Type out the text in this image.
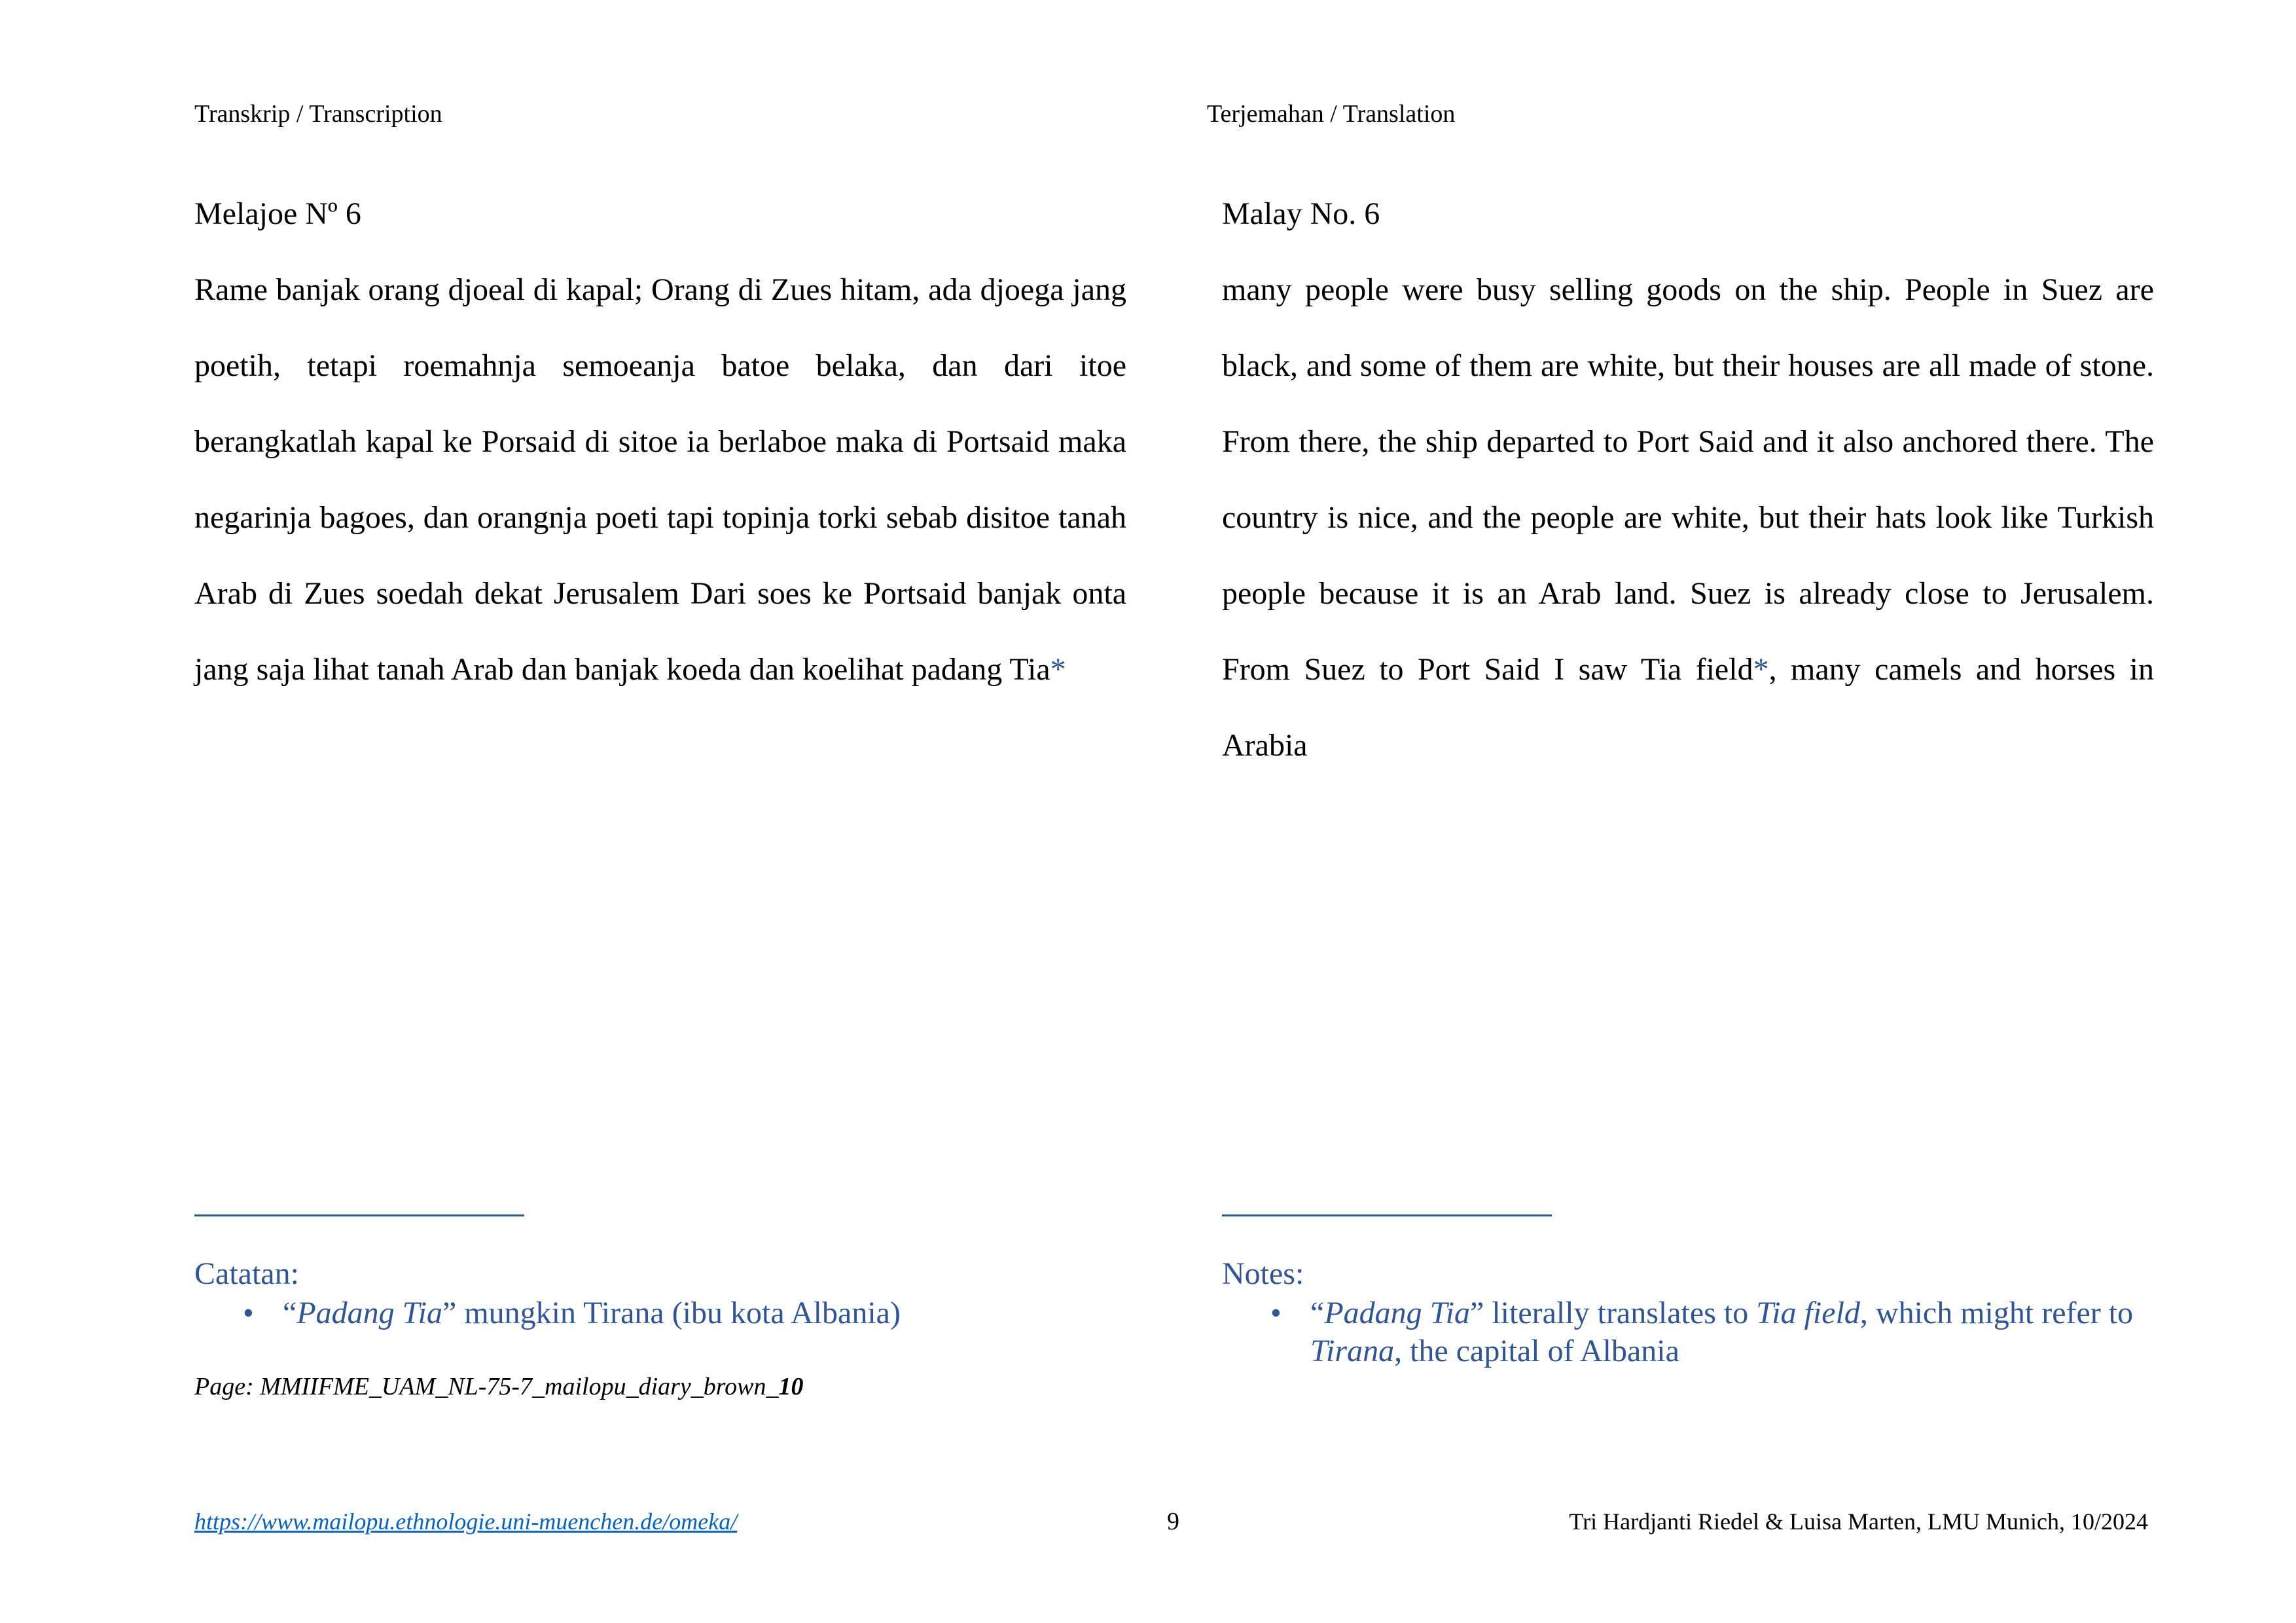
Transkrip / Transcription
Melajoe Nº 6

Rame banjak orang djoeal di kapal; Orang di Zues hitam, ada djoega jang poetih, tetapi roemahnja semoeanja batoe belaka, dan dari itoe berangkatlah kapal ke Porsaid di sitoe ia berlaboe maka di Portsaid maka negarinja bagoes, dan orangnja poeti tapi topinja torki sebab disitoe tanah Arab di Zues soedah dekat Jerusalem Dari soes ke Portsaid banjak onta jang saja lihat tanah Arab dan banjak koeda dan koelihat padang Tia*

Catatan:
• “Padang Tia” mungkin Tirana (ibu kota Albania)
Page: MMIIFME_UAM_NL-75-7_mailopu_diary_brown_10
Terjemahan / Translation
Malay No. 6

many people were busy selling goods on the ship. People in Suez are black, and some of them are white, but their houses are all made of stone. From there, the ship departed to Port Said and it also anchored there. The country is nice, and the people are white, but their hats look like Turkish people because it is an Arab land. Suez is already close to Jerusalem. From Suez to Port Said I saw Tia field*, many camels and horses in Arabia

Notes:
• “Padang Tia” literally translates to Tia field, which might refer to Tirana, the capital of Albania
https://www.mailopu.ethnologie.uni-muenchen.de/omeka/	9	Tri Hardjanti Riedel & Luisa Marten, LMU Munich, 10/2024
